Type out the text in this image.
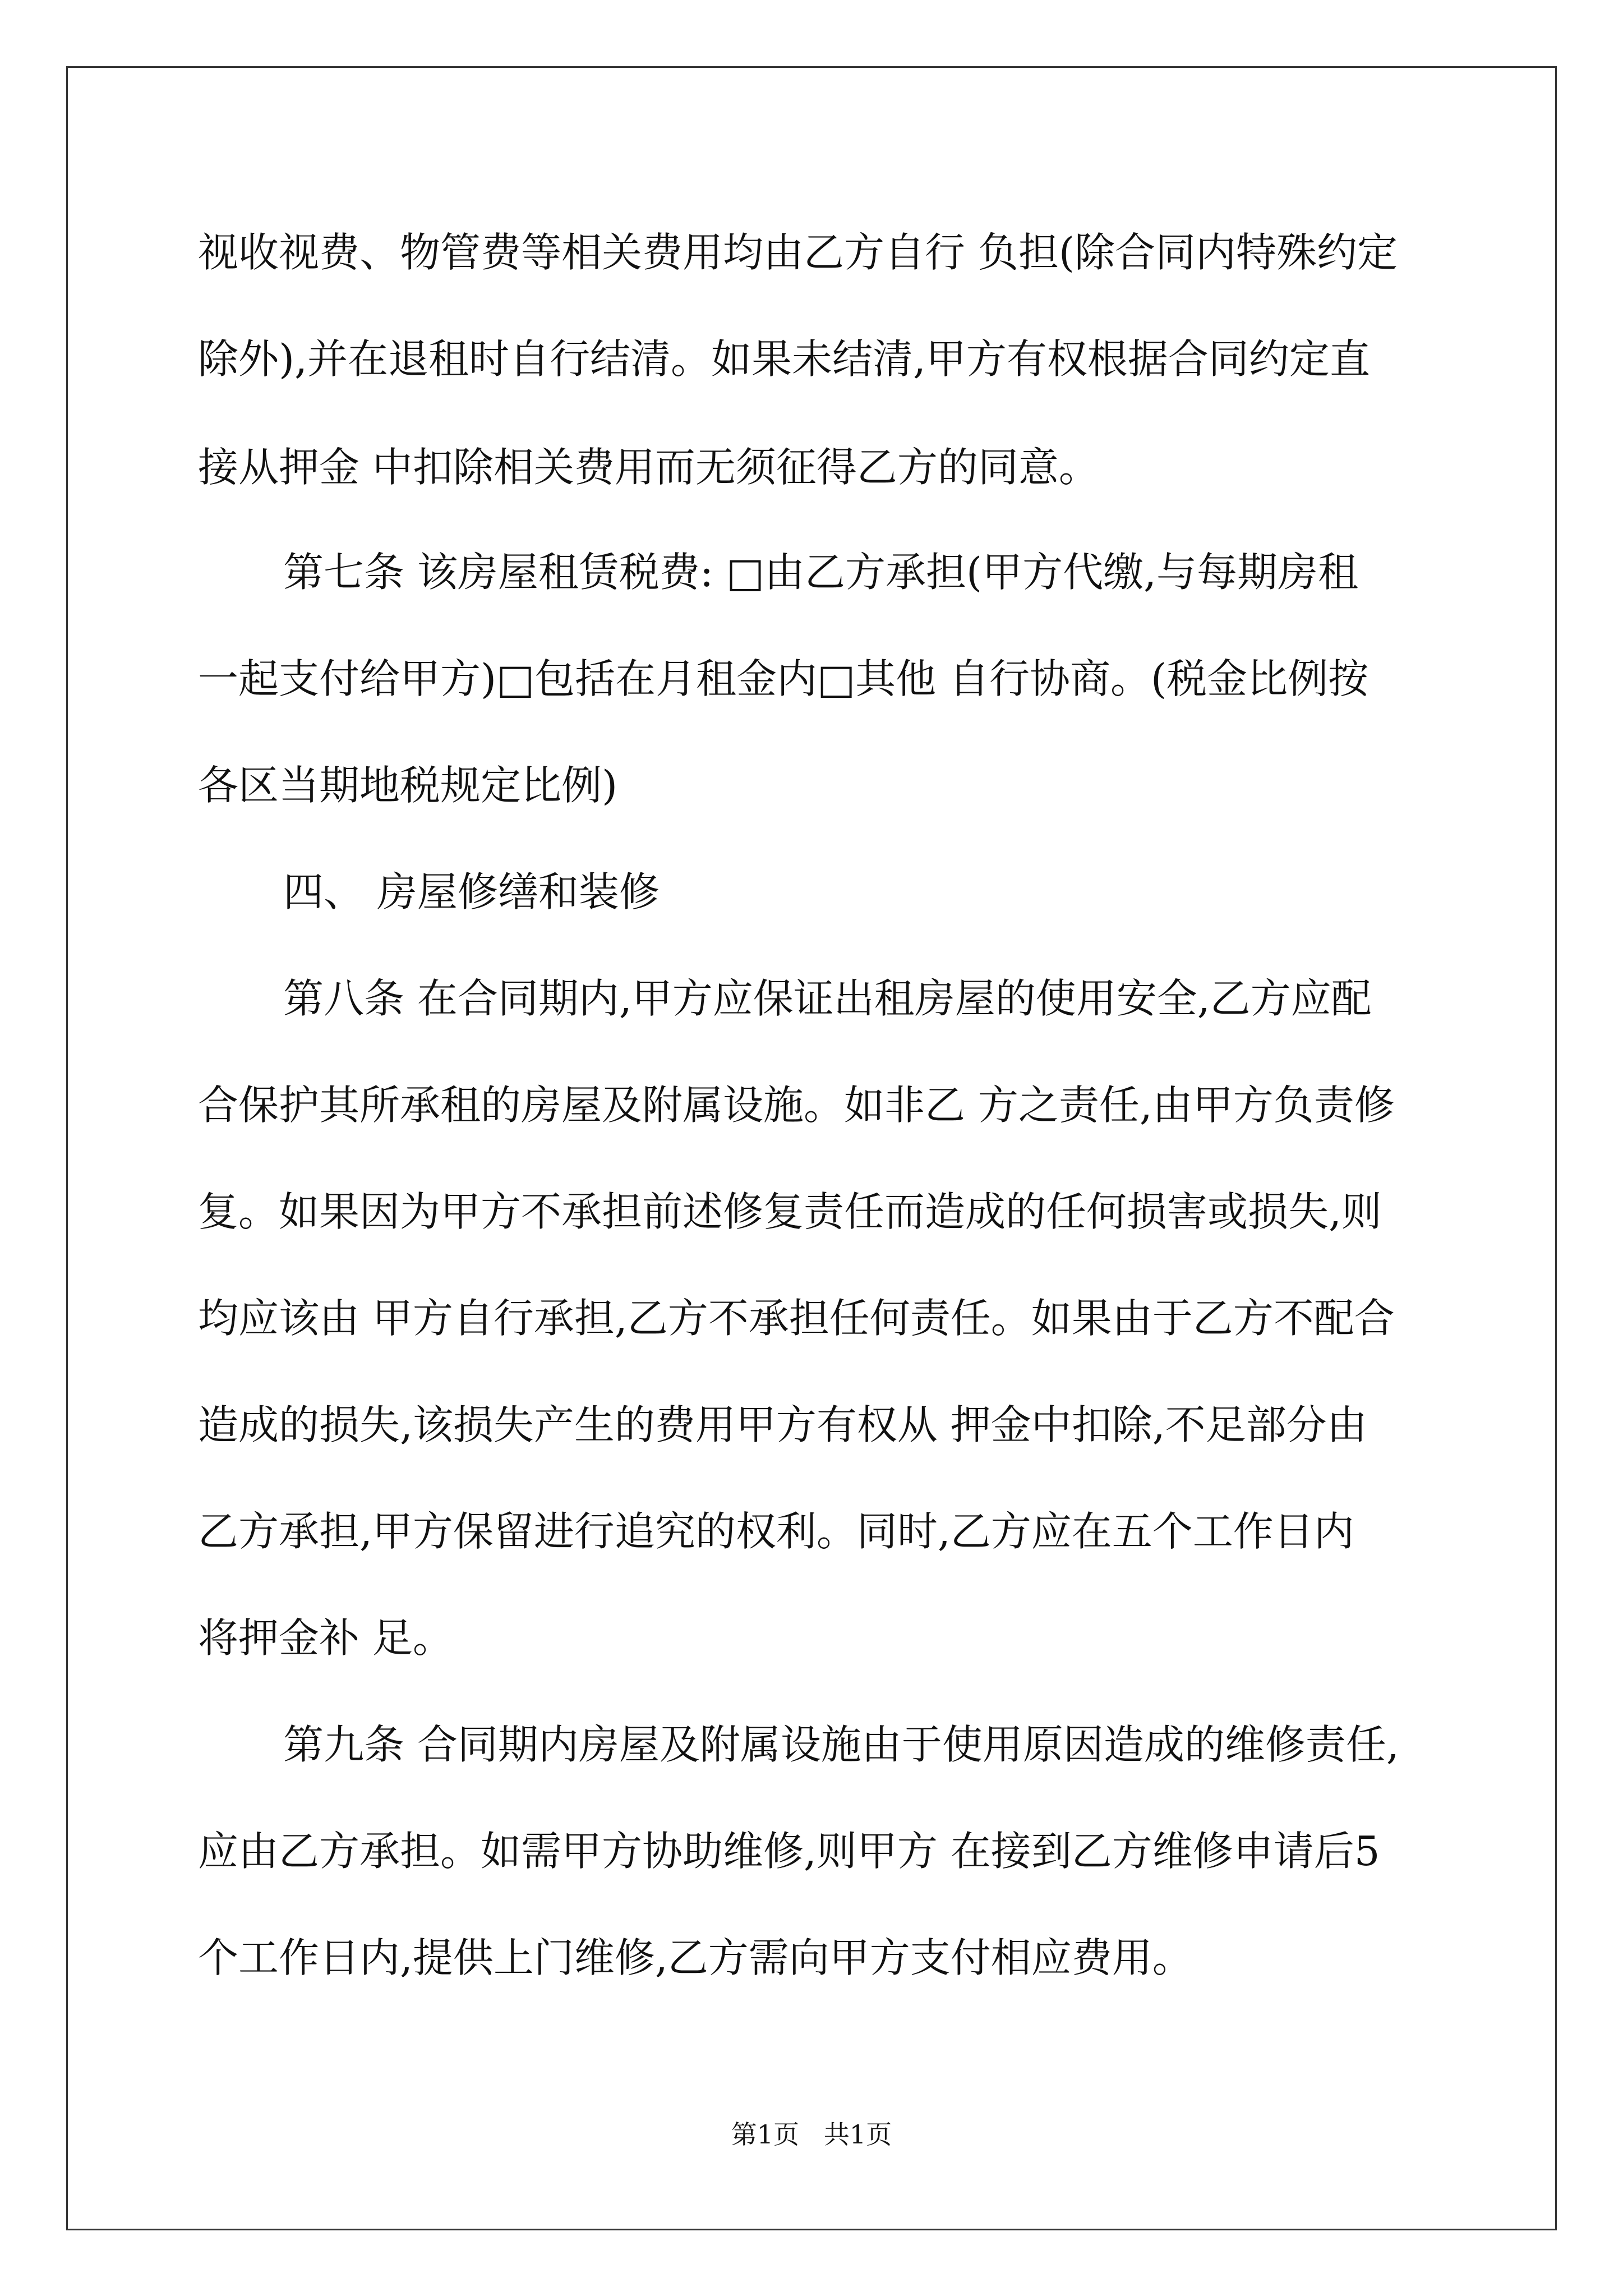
视收视费、物管费等相关费用均由乙方自行 负担(除合同内特殊约定
除外),并在退租时自行结清。如果未结清,甲方有权根据合同约定直
接从押金 中扣除相关费用而无须征得乙方的同意。
第七条 该房屋租赁税费: □由乙方承担(甲方代缴,与每期房租
一起支付给甲方)□包括在月租金内□其他 自行协商。(税金比例按
各区当期地税规定比例)
四、 房屋修缮和装修
第八条 在合同期内,甲方应保证出租房屋的使用安全,乙方应配
合保护其所承租的房屋及附属设施。如非乙 方之责任,由甲方负责修
复。如果因为甲方不承担前述修复责任而造成的任何损害或损失,则
均应该由 甲方自行承担,乙方不承担任何责任。如果由于乙方不配合
造成的损失,该损失产生的费用甲方有权从 押金中扣除,不足部分由
乙方承担,甲方保留进行追究的权利。同时,乙方应在五个工作日内
将押金补 足。
第九条 合同期内房屋及附属设施由于使用原因造成的维修责任,
应由乙方承担。如需甲方协助维修,则甲方 在接到乙方维修申请后5
个工作日内,提供上门维修,乙方需向甲方支付相应费用。
第1页   共1页
